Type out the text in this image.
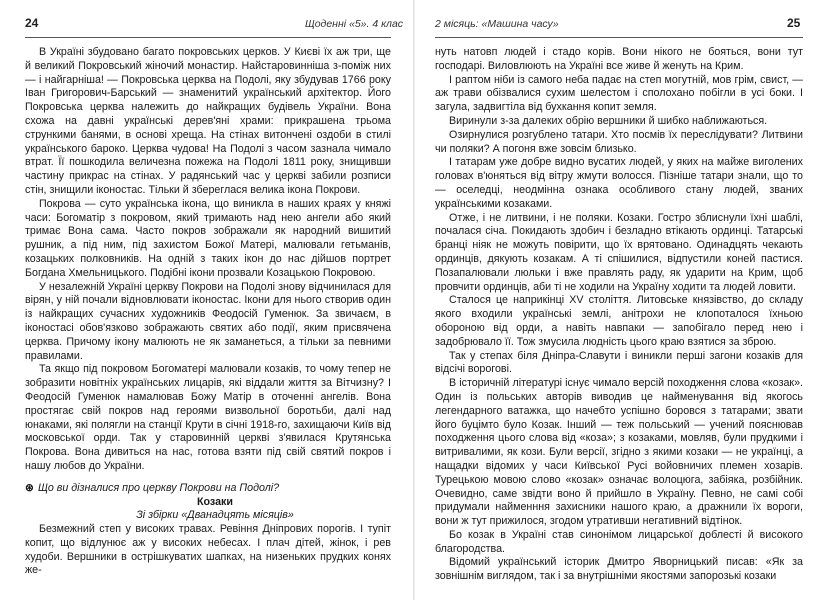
24	Щоденні «5». 4 клас

В Україні збудовано багато покровських церков. У Києві їх аж три, ще й великий Покровський жіночий монастир. Найстаровинніша з-поміж них — і найгарніша! — Покровська церква на Подолі, яку збудував 1766 року Іван Григорович-Барський — знаменитий український архітектор. Його Покровська церква належить до найкращих будівель України. Вона схожа на давні українські дерев'яні храми: прикрашена трьома стрункими банями, в основі хреща. На стінах витончені оздоби в стилі українського бароко. Церква чудова! На Подолі з часом зазнала чимало втрат. Її пошкодила величезна пожежа на Подолі 1811 року, знищивши частину прикрас на стінах. У радянський час у церкві забили розписи стін, знищили іконостас. Тільки й збереглася велика ікона Покрови.

Покрова — суто українська ікона, що виникла в наших краях у княжі часи: Богоматір з покровом, який тримають над нею ангели або який тримає Вона сама. Часто покров зображали як народний вишитий рушник, а під ним, під захистом Божої Матері, малювали гетьманів, козацьких полковників. На одній з таких ікон до нас дійшов портрет Богдана Хмельницького. Подібні ікони прозвали Козацькою Покровою.

У незалежній Україні церкву Покрови на Подолі знову відчинилася для вірян, у ній почали відновлювати іконостас. Ікони для нього створив один із найкращих сучасних художників Феодосій Гуменюк. За звичаєм, в іконостасі обов'язково зображають святих або події, яким присвячена церква. Причому ікону малюють не як заманеться, а тільки за певними правилами.

Та якщо під покровом Богоматері малювали козаків, то чому тепер не зобразити новітніх українських лицарів, які віддали життя за Вітчизну? І Феодосій Гуменюк намалював Божу Матір в оточенні ангелів. Вона простягає свій покров над героями визвольної боротьби, далі над юнаками, які полягли на станції Крути в січні 1918-го, захищаючи Київ від московської орди. Так у старовинній церкві з'явилася Крутянська Покрова. Вона дивиться на нас, готова взяти під свій святий покров і нашу любов до України.

⊛ Що ви дізналися про церкву Покрови на Подолі?

Козаки

Зі збірки «Дванадцять місяців»

Безмежний степ у високих травах. Ревіння Дніпрових порогів. І тупіт копит, що відлунює аж у високих небесах. І плач дітей, жінок, і рев худоби. Вершники в острішкуватих шапках, на низеньких прудких конях же-

2 місяць: «Машина часу»	25

нуть натовп людей і стадо корів. Вони нікого не бояться, вони тут господарі. Виловлюють на Україні все живе й женуть на Крим.

І раптом ніби із самого неба падає на степ могутній, мов грім, свист, — аж трави обізвалися сухим шелестом і сполохано побігли в усі боки. І загула, задвигтіла від бухкання копит земля.

Виринули з-за далеких обрію вершники й шибко наближаються.

Озирнулися розгублено татари. Хто посмів їх переслідувати? Литвини чи поляки? А погоня вже зовсім близько.

І татарам уже добре видно вусатих людей, у яких на майже виголених головах в'юняться від вітру жмути волосся. Пізніше татари знали, що то — оселедці, неодмінна ознака особливого стану людей, званих українськими козаками.

Отже, і не литвини, і не поляки. Козаки. Гостро зблиснули їхні шаблі, почалася січа. Покидають здобич і безладно втікають ординці. Татарські бранці ніяк не можуть повірити, що їх врятовано. Одинадцять чекають ординців, дякують козакам. А ті спішилися, відпустили коней пастися. Позапалювали люльки і вже правлять раду, як ударити на Крим, щоб провчити ординців, аби ті не ходили на Україну ходити та людей ловити.

Сталося це наприкінці XV століття. Литовське князівство, до складу якого входили українські землі, анітрохи не клопоталося їхньою обороною від орди, а навіть навпаки — запобігало перед нею і задобрювало її. Тож змусила людність цього краю взятися за зброю.

Так у степах біля Дніпра-Славути і виникли перші загони козаків для відсічі ворогові.

В історичній літературі існує чимало версій походження слова «козак». Один із польських авторів виводив це найменування від якогось легендарного ватажка, що начебто успішно боровся з татарами; звати його буцімто було Козак. Інший — теж польський — учений пояснював походження цього слова від «коза»; з козаками, мовляв, були прудкими і витривалими, як кози. Були версії, згідно з якими козаки — не українці, а нащадки відомих у часи Київської Русі войовничих племен хозарів. Турецькою мовою слово «козак» означає волоцюга, забіяка, розбійник. Очевидно, саме звідти воно й прийшло в Україну. Певно, не самі собі придумали найменння захисники нашого краю, а дражнили їх вороги, вони ж тут прижилося, згодом утративши негативний відтінок.

Бо козак в Україні став синонімом лицарської доблесті й високого благородства.

Відомий український історик Дмитро Яворницький писав: «Як за зовнішнім виглядом, так і за внутрішніми якостями запорозькі козаки
